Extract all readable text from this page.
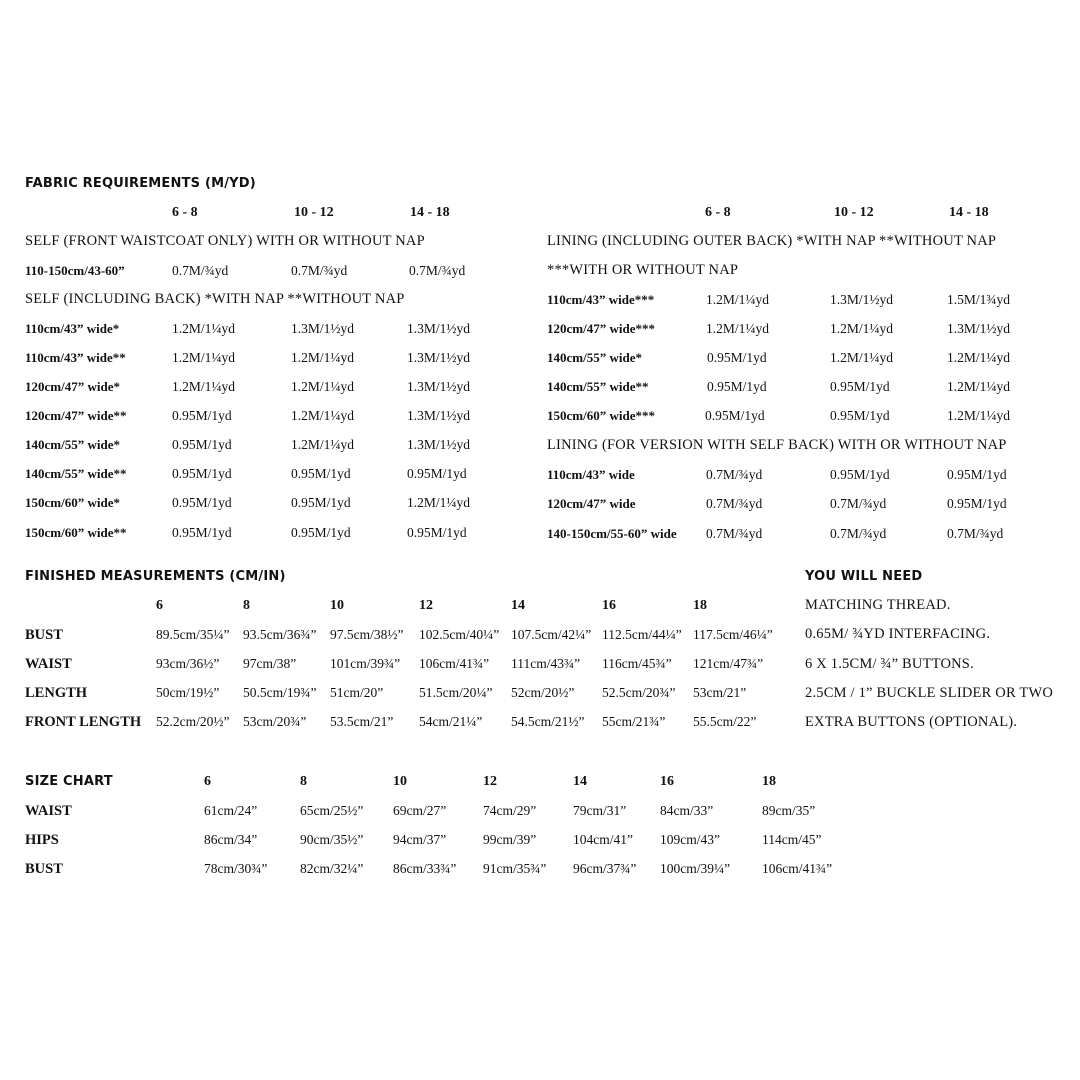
FABRIC REQUIREMENTS (M/YD)
6 - 8	10 - 12	14 - 18
SELF (FRONT WAISTCOAT ONLY) WITH OR WITHOUT NAP
110-150cm/43-60”	0.7M/¾yd	0.7M/¾yd	0.7M/¾yd
SELF (INCLUDING BACK) *WITH NAP **WITHOUT NAP
110cm/43” wide*	1.2M/1¼yd	1.3M/1½yd	1.3M/1½yd
110cm/43” wide**	1.2M/1¼yd	1.2M/1¼yd	1.3M/1½yd
120cm/47” wide*	1.2M/1¼yd	1.2M/1¼yd	1.3M/1½yd
120cm/47” wide**	0.95M/1yd	1.2M/1¼yd	1.3M/1½yd
140cm/55” wide*	0.95M/1yd	1.2M/1¼yd	1.3M/1½yd
140cm/55” wide**	0.95M/1yd	0.95M/1yd	0.95M/1yd
150cm/60” wide*	0.95M/1yd	0.95M/1yd	1.2M/1¼yd
150cm/60” wide**	0.95M/1yd	0.95M/1yd	0.95M/1yd
6 - 8	10 - 12	14 - 18
LINING (INCLUDING OUTER BACK) *WITH NAP **WITHOUT NAP
***WITH OR WITHOUT NAP
110cm/43” wide***	1.2M/1¼yd	1.3M/1½yd	1.5M/1¾yd
120cm/47” wide***	1.2M/1¼yd	1.2M/1¼yd	1.3M/1½yd
140cm/55” wide*	0.95M/1yd	1.2M/1¼yd	1.2M/1¼yd
140cm/55” wide**	0.95M/1yd	0.95M/1yd	1.2M/1¼yd
150cm/60” wide***	0.95M/1yd	0.95M/1yd	1.2M/1¼yd
LINING (FOR VERSION WITH SELF BACK) WITH OR WITHOUT NAP
110cm/43” wide	0.7M/¾yd	0.95M/1yd	0.95M/1yd
120cm/47” wide	0.7M/¾yd	0.7M/¾yd	0.95M/1yd
140-150cm/55-60” wide 0.7M/¾yd	0.7M/¾yd	0.7M/¾yd
FINISHED MEASUREMENTS (CM/IN)
6	8	10	12	14	16	18
BUST	89.5cm/35¼” 93.5cm/36¾” 97.5cm/38½” 102.5cm/40¼” 107.5cm/42¼” 112.5cm/44¼” 117.5cm/46¼”
WAIST	93cm/36½” 97cm/38”	101cm/39¾” 106cm/41¾” 111cm/43¾” 116cm/45¾” 121cm/47¾”
LENGTH	50cm/19½” 50.5cm/19¾” 51cm/20”	51.5cm/20¼” 52cm/20½” 52.5cm/20¾” 53cm/21”
FRONT LENGTH 52.2cm/20½” 53cm/20¾” 53.5cm/21” 54cm/21¼” 54.5cm/21½” 55cm/21¾” 55.5cm/22”
YOU WILL NEED
MATCHING THREAD.
0.65M/ ¾YD INTERFACING.
6 X 1.5CM/ ¾” BUTTONS.
2.5CM / 1” BUCKLE SLIDER OR TWO
EXTRA BUTTONS (OPTIONAL).
SIZE CHART	6	8	10	12	14	16	18
WAIST	61cm/24”	65cm/25½” 69cm/27”	74cm/29”	79cm/31”	84cm/33”	89cm/35”
HIPS	86cm/34”	90cm/35½” 94cm/37”	99cm/39”	104cm/41” 109cm/43”	114cm/45”
BUST	78cm/30¾” 82cm/32¼” 86cm/33¾” 91cm/35¾” 96cm/37¾” 100cm/39¼” 106cm/41¾”
